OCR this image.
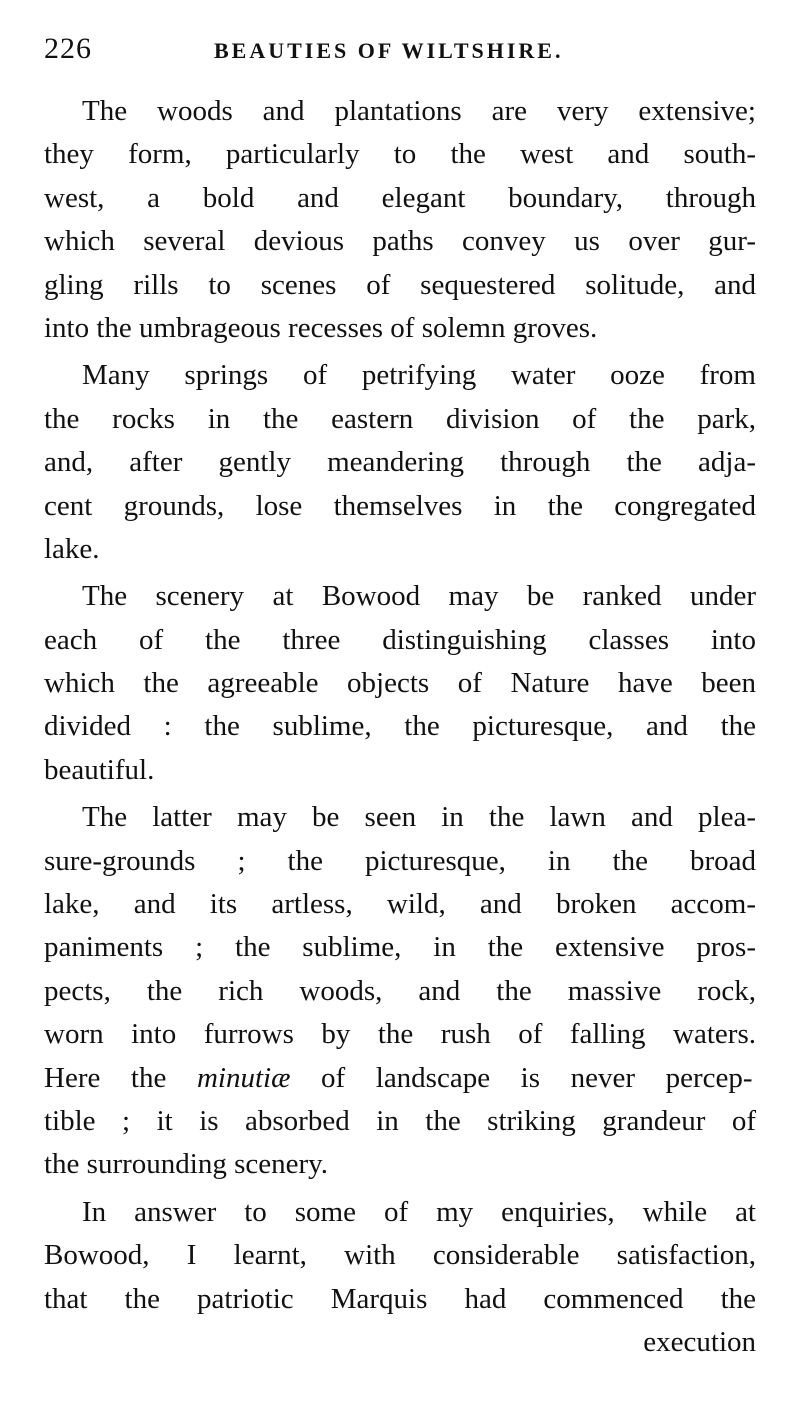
226	BEAUTIES OF WILTSHIRE.
The woods and plantations are very extensive;
they form, particularly to the west and south-
west, a bold and elegant boundary, through
which several devious paths convey us over gur-
gling rills to scenes of sequestered solitude, and
into the umbrageous recesses of solemn groves.
Many springs of petrifying water ooze from
the rocks in the eastern division of the park,
and, after gently meandering through the adja-
cent grounds, lose themselves in the congregated
lake.
The scenery at Bowood may be ranked under
each of the three distinguishing classes into
which the agreeable objects of Nature have been
divided : the sublime, the picturesque, and the
beautiful.
The latter may be seen in the lawn and plea-
sure-grounds ; the picturesque, in the broad
lake, and its artless, wild, and broken accom-
paniments ; the sublime, in the extensive pros-
pects, the rich woods, and the massive rock,
worn into furrows by the rush of falling waters.
Here the minutiæ of landscape is never percep-
tible ; it is absorbed in the striking grandeur of
the surrounding scenery.
In answer to some of my enquiries, while at
Bowood, I learnt, with considerable satisfaction,
that the patriotic Marquis had commenced the
execution
